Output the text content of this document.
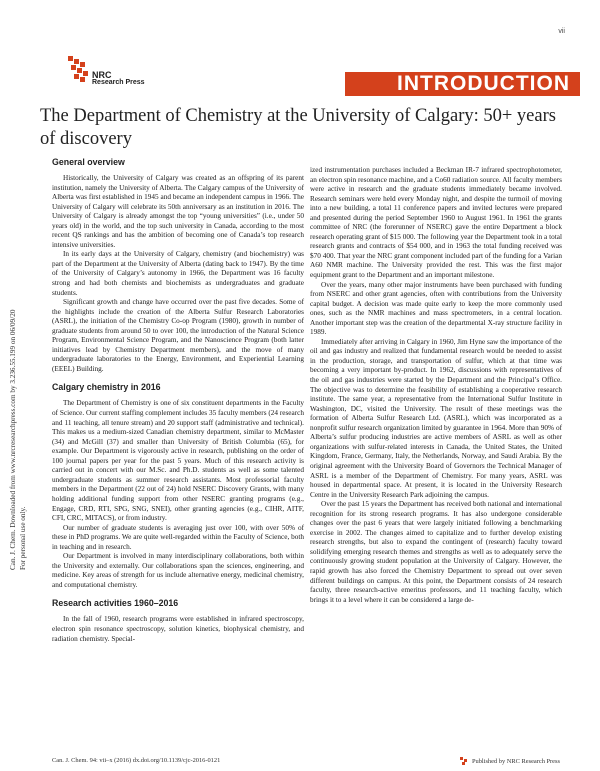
vii
NRC
Research Press	INTRODUCTION
The Department of Chemistry at the University of Calgary: 50+ years of discovery
Can. J. Chem. Downloaded from www.nrcresearchpress.com by 3.236.55.199 on 06/09/20 For personal use only.
General overview

Historically, the University of Calgary was created as an offspring of its parent institution, namely the University of Alberta. The Calgary campus of the University of Alberta was first established in 1945 and became an independent campus in 1966. The University of Calgary will celebrate its 50th anniversary as an institution in 2016. The University of Calgary is already amongst the top “young universities” (i.e., under 50 years old) in the world, and the top such university in Canada, according to the most recent QS rankings and has the ambition of becoming one of Canada’s top research intensive universities.

In its early days at the University of Calgary, chemistry (and biochemistry) was part of the Department at the University of Alberta (dating back to 1947). By the time of the University of Calgary’s autonomy in 1966, the Department was 16 faculty strong and had both chemists and biochemists as undergraduates and graduate students.

Significant growth and change have occurred over the past five decades. Some of the highlights include the creation of the Alberta Sulfur Research Laboratories (ASRL), the initiation of the Chemistry Co-op Program (1980), growth in number of graduate students from around 50 to over 100, the introduction of the Natural Science Program, Environmental Science Program, and the Nanoscience Program (both latter initiatives lead by Chemistry Department members), and the move of many undergraduate laboratories to the Energy, Environment, and Experiential Learning (EEEL) Building.

Calgary chemistry in 2016

The Department of Chemistry is one of six constituent departments in the Faculty of Science. Our current staffing complement includes 35 faculty members (24 research and 11 teaching, all tenure stream) and 20 support staff (administrative and technical). This makes us a medium-sized Canadian chemistry department, similar to McMaster (34) and McGill (37) and smaller than University of British Columbia (65), for example. Our Department is vigorously active in research, publishing on the order of 100 journal papers per year for the past 5 years. Much of this research activity is carried out in concert with our M.Sc. and Ph.D. students as well as some talented undergraduate students as summer research assistants. Most professorial faculty members in the Department (22 out of 24) hold NSERC Discovery Grants, with many holding additional funding support from other NSERC granting programs (e.g., Engage, CRD, RTI, SPG, SNG, SNEI), other granting agencies (e.g., CIHR, AITF, CFI, CRC, MITACS), or from industry.

Our number of graduate students is averaging just over 100, with over 50% of these in PhD programs. We are quite well-regarded within the Faculty of Science, both in teaching and in research.

Our Department is involved in many interdisciplinary collaborations, both within the University and externally. Our collaborations span the sciences, engineering, and medicine. Key areas of strength for us include alternative energy, medicinal chemistry, and computational chemistry.

Research activities 1960–2016

In the fall of 1960, research programs were established in infrared spectroscopy, electron spin resonance spectroscopy, solution kinetics, biophysical chemistry, and radiation chemistry. Special-

ized instrumentation purchases included a Beckman IR-7 infrared spectrophotometer, an electron spin resonance machine, and a Co60 radiation source. All faculty members were active in research and the graduate students immediately became involved. Research seminars were held every Monday night, and despite the turmoil of moving into a new building, a total 11 conference papers and invited lectures were prepared and presented during the period September 1960 to August 1961. In 1961 the grants committee of NRC (the forerunner of NSERC) gave the entire Department a block research operating grant of $15 000. The following year the Department took in a total research grants and contracts of $54 000, and in 1963 the total funding received was $70 400. That year the NRC grant component included part of the funding for a Varian A60 NMR machine. The University provided the rest. This was the first major equipment grant to the Department and an important milestone.

Over the years, many other major instruments have been purchased with funding from NSERC and other grant agencies, often with contributions from the University capital budget. A decision was made quite early to keep the more commonly used ones, such as the NMR machines and mass spectrometers, in a central location. Another important step was the creation of the departmental X-ray structure facility in 1989.

Immediately after arriving in Calgary in 1960, Jim Hyne saw the importance of the oil and gas industry and realized that fundamental research would be needed to assist in the production, storage, and transportation of sulfur, which at that time was becoming a very important by-product. In 1962, discussions with representatives of the oil and gas industries were started by the Department and the Principal’s Office. The objective was to determine the feasibility of establishing a cooperative research institute. The same year, a representative from the International Sulfur Institute in Washington, DC, visited the University. The result of these meetings was the formation of Alberta Sulfur Research Ltd. (ASRL), which was incorporated as a nonprofit sulfur research organization limited by guarantee in 1964. More than 90% of Alberta’s sulfur producing industries are active members of ASRL as well as other organizations with sulfur-related interests in Canada, the United States, the United Kingdom, France, Germany, Italy, the Netherlands, Norway, and Saudi Arabia. By the original agreement with the University Board of Governors the Technical Manager of ASRL is a member of the Department of Chemistry. For many years, ASRL was housed in departmental space. At present, it is located in the University Research Centre in the University Research Park adjoining the campus.

Over the past 15 years the Department has received both national and international recognition for its strong research programs. It has also undergone considerable changes over the past 6 years that were largely initiated following a benchmarking exercise in 2002. The changes aimed to capitalize and to further develop existing research strengths, but also to expand the contingent of (research) faculty toward solidifying emerging research themes and strengths as well as to adequately serve the continuously growing student population at the University of Calgary. However, the rapid growth has also forced the Chemistry Department to spread out over seven different buildings on campus. At this point, the Department consists of 24 research faculty, three research-active emeritus professors, and 11 teaching faculty, which brings it to a level where it can be considered a large de-

Can. J. Chem. 94: vii–x (2016) dx.doi.org/10.1139/cjc-2016-0121	Published by NRC Research Press
